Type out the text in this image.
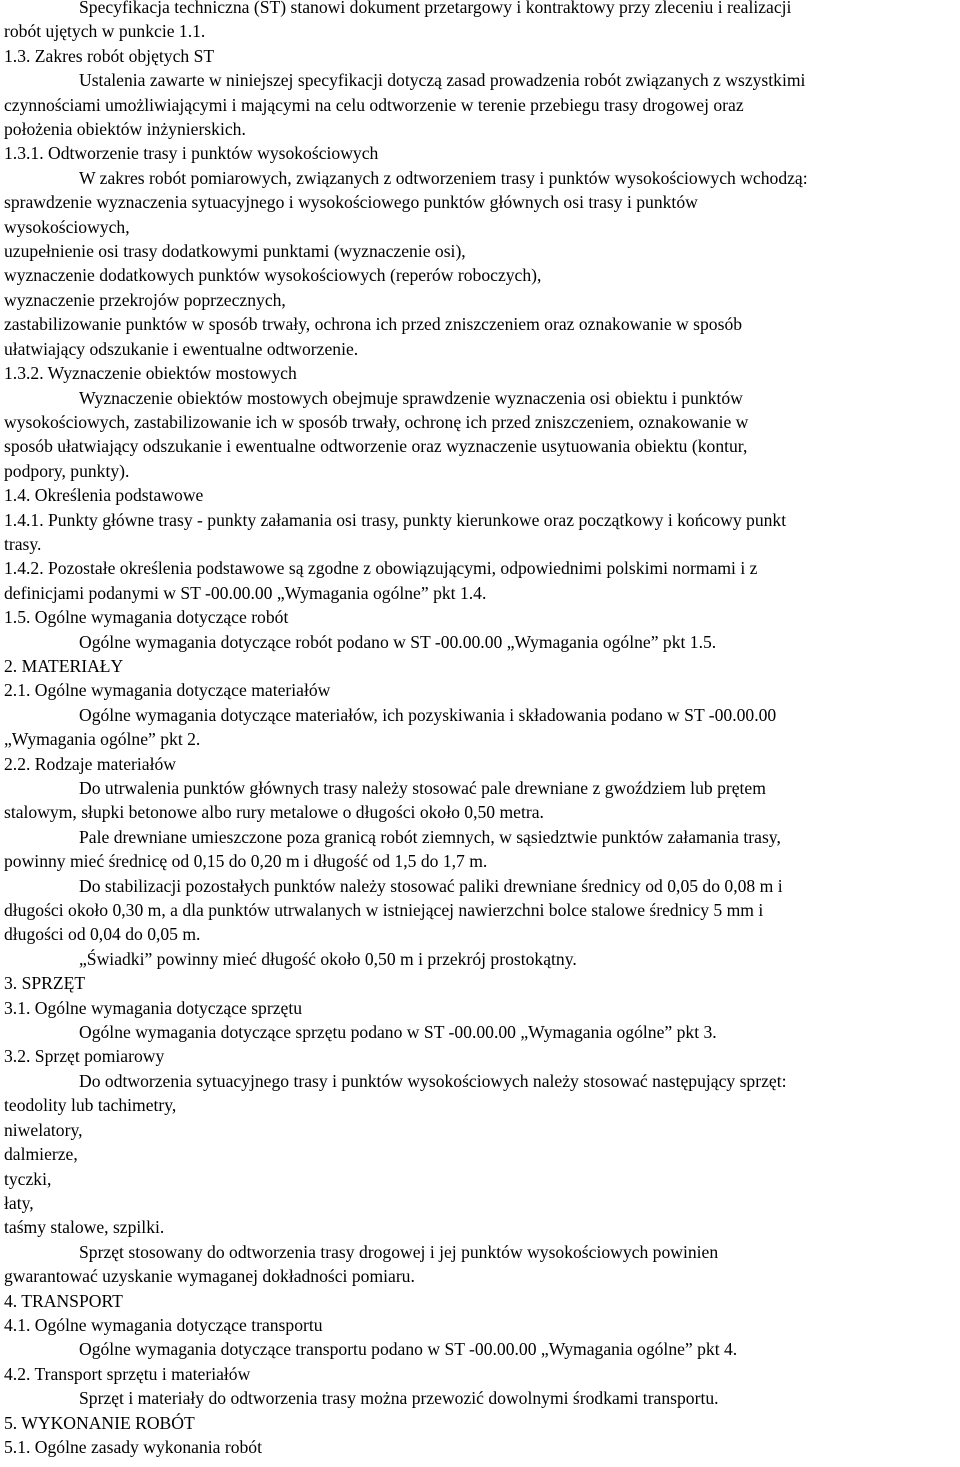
Specyfikacja techniczna (ST) stanowi dokument przetargowy i kontraktowy przy zleceniu i realizacji

robót ujętych w punkcie 1.1.

1.3. Zakres robót objętych ST

Ustalenia zawarte w niniejszej specyfikacji dotyczą zasad prowadzenia robót związanych z wszystkimi

czynnościami umożliwiającymi i mającymi na celu odtworzenie w terenie przebiegu trasy drogowej oraz

położenia obiektów inżynierskich.

1.3.1. Odtworzenie trasy i punktów wysokościowych

W zakres robót pomiarowych, związanych z odtworzeniem trasy i punktów wysokościowych wchodzą:

sprawdzenie wyznaczenia sytuacyjnego i wysokościowego punktów głównych osi trasy i punktów

wysokościowych,

uzupełnienie osi trasy dodatkowymi punktami (wyznaczenie osi),

wyznaczenie dodatkowych punktów wysokościowych (reperów roboczych),

wyznaczenie przekrojów poprzecznych,

zastabilizowanie punktów w sposób trwały, ochrona ich przed zniszczeniem oraz oznakowanie w sposób

ułatwiający odszukanie i ewentualne odtworzenie.

1.3.2. Wyznaczenie obiektów mostowych

Wyznaczenie obiektów mostowych obejmuje sprawdzenie wyznaczenia osi obiektu i punktów

wysokościowych, zastabilizowanie ich w sposób trwały, ochronę ich przed zniszczeniem, oznakowanie w

sposób ułatwiający odszukanie i ewentualne odtworzenie oraz wyznaczenie usytuowania obiektu (kontur,

podpory, punkty).

1.4. Określenia podstawowe

1.4.1. Punkty główne trasy - punkty załamania osi trasy, punkty kierunkowe oraz początkowy i końcowy punkt

trasy.

1.4.2. Pozostałe określenia podstawowe są zgodne z obowiązującymi, odpowiednimi polskimi normami i z

definicjami podanymi w ST -00.00.00 „Wymagania ogólne” pkt 1.4.

1.5. Ogólne wymagania dotyczące robót

Ogólne wymagania dotyczące robót podano w ST -00.00.00 „Wymagania ogólne” pkt 1.5.

2. MATERIAŁY

2.1. Ogólne wymagania dotyczące materiałów

Ogólne wymagania dotyczące materiałów, ich pozyskiwania i składowania podano w ST -00.00.00

„Wymagania ogólne” pkt 2.

2.2. Rodzaje materiałów

Do utrwalenia punktów głównych trasy należy stosować pale drewniane z gwoździem lub prętem

stalowym, słupki betonowe albo rury metalowe o długości około 0,50 metra.

Pale drewniane umieszczone poza granicą robót ziemnych, w sąsiedztwie punktów załamania trasy,

powinny mieć średnicę od 0,15 do 0,20 m i długość od 1,5 do 1,7 m.

Do stabilizacji pozostałych punktów należy stosować paliki drewniane średnicy od 0,05 do 0,08 m i

długości około 0,30 m, a dla punktów utrwalanych w istniejącej nawierzchni bolce stalowe średnicy 5 mm i

długości od 0,04 do 0,05 m.

„Świadki” powinny mieć długość około 0,50 m i przekrój prostokątny.

3. SPRZĘT

3.1. Ogólne wymagania dotyczące sprzętu

Ogólne wymagania dotyczące sprzętu podano w ST -00.00.00 „Wymagania ogólne” pkt 3.

3.2. Sprzęt pomiarowy

Do odtworzenia sytuacyjnego trasy i punktów wysokościowych należy stosować następujący sprzęt:

teodolity lub tachimetry,

niwelatory,

dalmierze,

tyczki,

łaty,

taśmy stalowe, szpilki.

Sprzęt stosowany do odtworzenia trasy drogowej i jej punktów wysokościowych powinien

gwarantować uzyskanie wymaganej dokładności pomiaru.

4. TRANSPORT

4.1. Ogólne wymagania dotyczące transportu

Ogólne wymagania dotyczące transportu podano w ST -00.00.00 „Wymagania ogólne” pkt 4.

4.2. Transport sprzętu i materiałów

Sprzęt i materiały do odtworzenia trasy można przewozić dowolnymi środkami transportu.

5. WYKONANIE ROBÓT

5.1. Ogólne zasady wykonania robót
